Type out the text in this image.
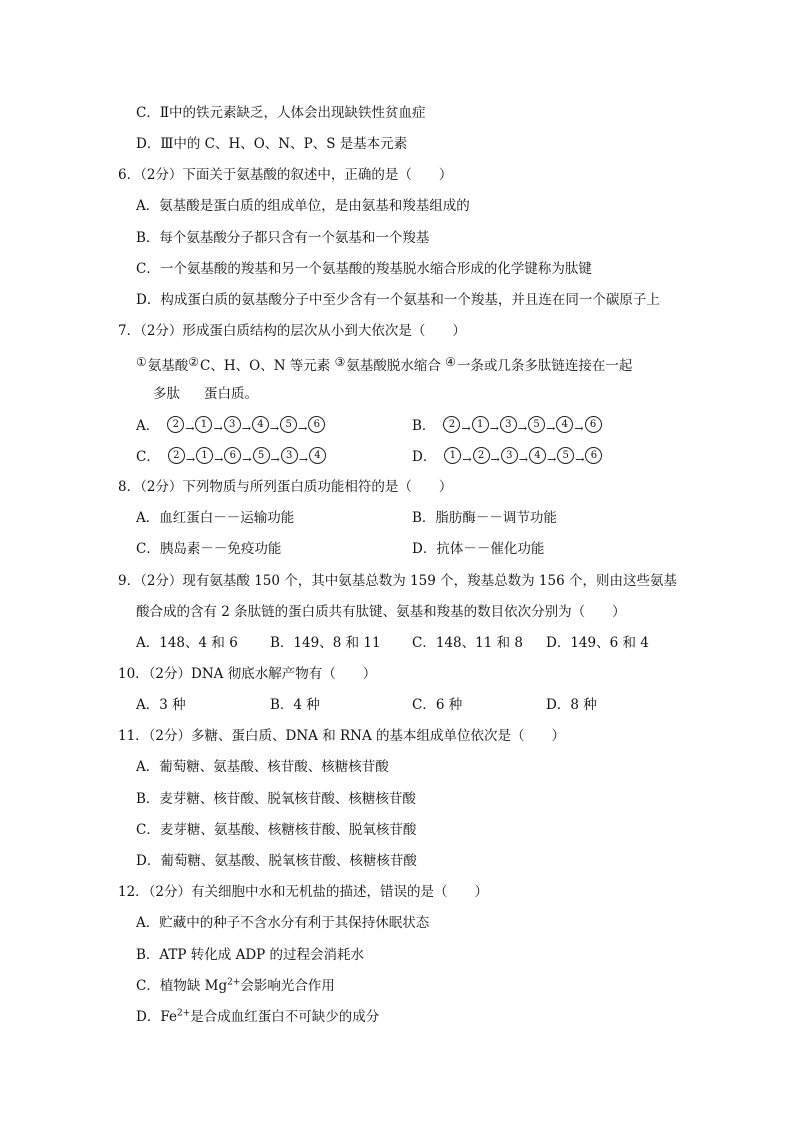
C．Ⅱ中的铁元素缺乏，人体会出现缺铁性贫血症
D．Ⅲ中的 C、H、O、N、P、S 是基本元素
6．（2分）下面关于氨基酸的叙述中，正确的是（　　）
A．氨基酸是蛋白质的组成单位，是由氨基和羧基组成的
B．每个氨基酸分子都只含有一个氨基和一个羧基
C．一个氨基酸的羧基和另一个氨基酸的羧基脱水缩合形成的化学键称为肽键
D．构成蛋白质的氨基酸分子中至少含有一个氨基和一个羧基，并且连在同一个碳原子上
7．（2分）形成蛋白质结构的层次从小到大依次是（　　）
①氨基酸②C、H、O、N 等元素 ③氨基酸脱水缩合 ④一条或几条多肽链连接在一起
多肽 蛋白质。
A．	2 → 1 → 3 → 4 → 5 → 6	B．	2 → 1 → 3 → 5 → 4 → 6
C．	2 → 1 → 6 → 5 → 3 → 4	D．	1 → 2 → 3 → 4 → 5 → 6
8．（2分）下列物质与所列蛋白质功能相符的是（　　）
A．血红蛋白－－运输功能	B．脂肪酶－－调节功能
C．胰岛素－－免疫功能	D．抗体－－催化功能
9．（2分）现有氨基酸 150 个，其中氨基总数为 159 个，羧基总数为 156 个，则由这些氨基
酸合成的含有 2 条肽链的蛋白质共有肽键、氨基和羧基的数目依次分别为（　　）
A．148、4 和 6 B．149、8 和 11 C．148、11 和 8 D．149、6 和 4
10．（2分）DNA 彻底水解产物有（　　）
A．3 种	B．4 种	C．6 种	D．8 种
11．（2分）多糖、蛋白质、DNA 和 RNA 的基本组成单位依次是（　　）
A．葡萄糖、氨基酸、核苷酸、核糖核苷酸
B．麦芽糖、核苷酸、脱氧核苷酸、核糖核苷酸
C．麦芽糖、氨基酸、核糖核苷酸、脱氧核苷酸
D．葡萄糖、氨基酸、脱氧核苷酸、核糖核苷酸
12．（2分）有关细胞中水和无机盐的描述，错误的是（　　）
A．贮藏中的种子不含水分有利于其保持休眠状态
B．ATP 转化成 ADP 的过程会消耗水
C．植物缺 $Mg^{2+}$会影响光合作用
D．$Fe^{2+}$是合成血红蛋白不可缺少的成分
